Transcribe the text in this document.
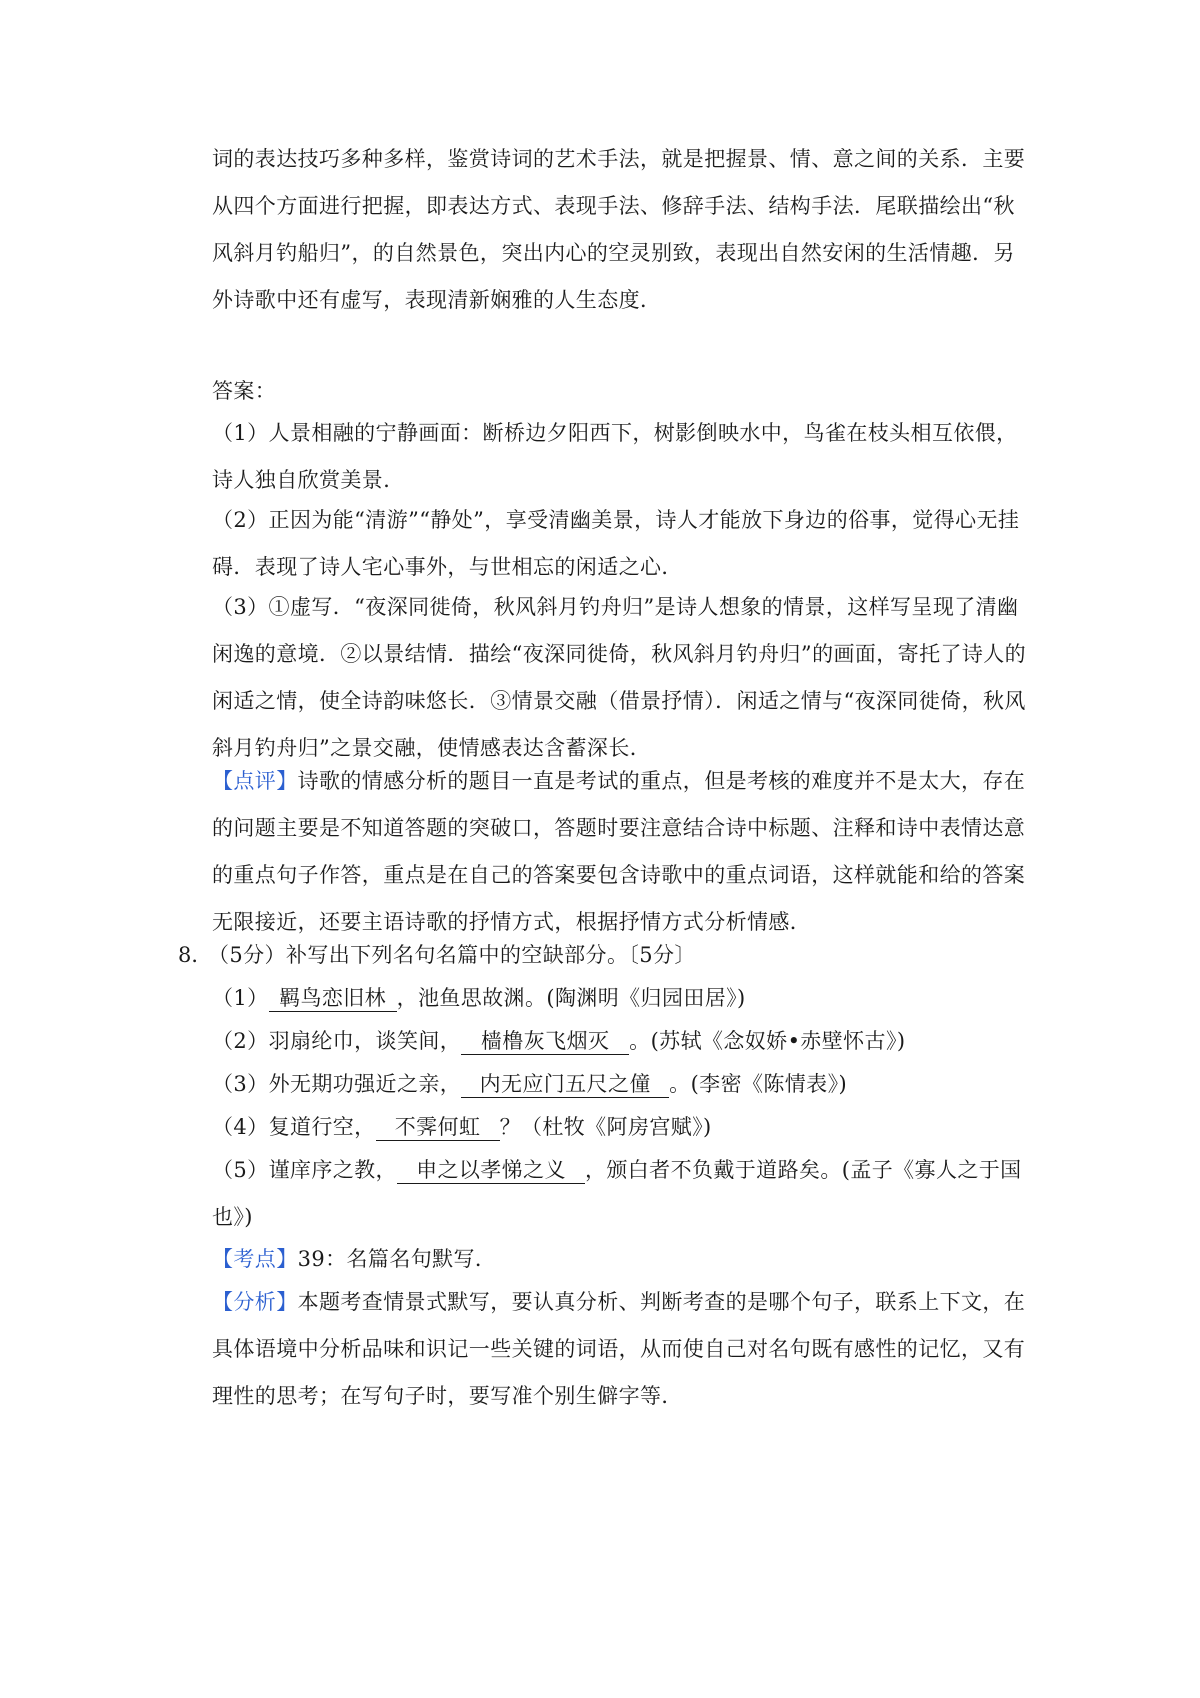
词的表达技巧多种多样，鉴赏诗词的艺术手法，就是把握景、情、意之间的关系．主要从四个方面进行把握，即表达方式、表现手法、修辞手法、结构手法．尾联描绘出“秋风斜月钓船归”，的自然景色，突出内心的空灵别致，表现出自然安闲的生活情趣．另外诗歌中还有虚写，表现清新娴雅的人生态度．

答案：

（1）人景相融的宁静画面：断桥边夕阳西下，树影倒映水中，鸟雀在枝头相互依偎，诗人独自欣赏美景．

（2）正因为能“清游”“静处”，享受清幽美景，诗人才能放下身边的俗事，觉得心无挂碍．表现了诗人宅心事外，与世相忘的闲适之心．

（3）①虚写．“夜深同徙倚，秋风斜月钓舟归”是诗人想象的情景，这样写呈现了清幽闲逸的意境．②以景结情．描绘“夜深同徙倚，秋风斜月钓舟归”的画面，寄托了诗人的闲适之情，使全诗韵味悠长．③情景交融（借景抒情）．闲适之情与“夜深同徙倚，秋风斜月钓舟归”之景交融，使情感表达含蓄深长．

【点评】诗歌的情感分析的题目一直是考试的重点，但是考核的难度并不是太大，存在的问题主要是不知道答题的突破口，答题时要注意结合诗中标题、注释和诗中表情达意的重点句子作答，重点是在自己的答案要包含诗歌中的重点词语，这样就能和给的答案无限接近，还要主语诗歌的抒情方式，根据抒情方式分析情感．

8．

（5分）补写出下列名句名篇中的空缺部分。〔5分〕

（1） 羁鸟恋旧林 ，池鱼思故渊。(陶渊明《归园田居》)

（2）羽扇纶巾，谈笑间， 樯橹灰飞烟灭 。(苏轼《念奴娇•赤壁怀古》)

（3）外无期功强近之亲， 内无应门五尺之僮 。(李密《陈情表》)

（4）复道行空， 不霁何虹 ？（杜牧《阿房宫赋》)

（5）谨庠序之教， 申之以孝悌之义 ，颁白者不负戴于道路矣。(孟子《寡人之于国也》)

【考点】39：名篇名句默写．

【分析】本题考查情景式默写，要认真分析、判断考查的是哪个句子，联系上下文，在具体语境中分析品味和识记一些关键的词语，从而使自己对名句既有感性的记忆，又有理性的思考；在写句子时，要写准个别生僻字等．
